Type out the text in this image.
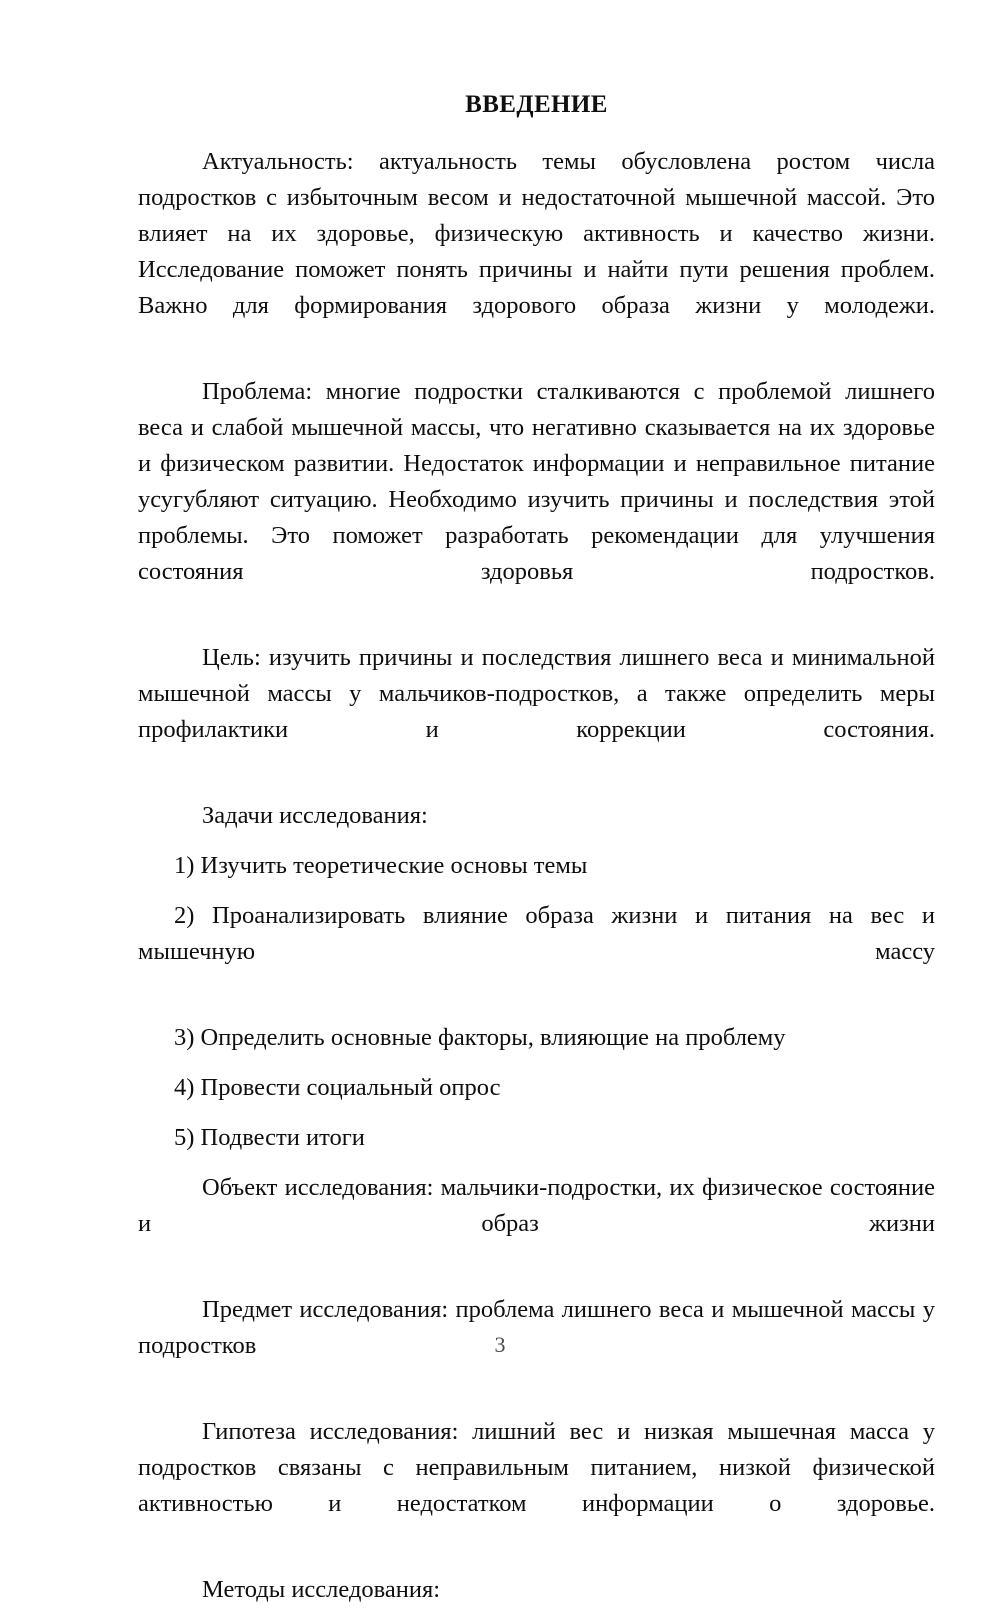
ВВЕДЕНИЕ

Актуальность: актуальность темы обусловлена ростом числа подростков с избыточным весом и недостаточной мышечной массой. Это влияет на их здоровье, физическую активность и качество жизни. Исследование поможет понять причины и найти пути решения проблем. Важно для формирования здорового образа жизни у молодежи.

Проблема: многие подростки сталкиваются с проблемой лишнего веса и слабой мышечной массы, что негативно сказывается на их здоровье и физическом развитии. Недостаток информации и неправильное питание усугубляют ситуацию. Необходимо изучить причины и последствия этой проблемы. Это поможет разработать рекомендации для улучшения состояния здоровья подростков.

Цель: изучить причины и последствия лишнего веса и минимальной мышечной массы у мальчиков-подростков, а также определить меры профилактики и коррекции состояния.

Задачи исследования:

1) Изучить теоретические основы темы

2) Проанализировать влияние образа жизни и питания на вес и мышечную массу

3) Определить основные факторы, влияющие на проблему

4) Провести социальный опрос

5) Подвести итоги

Объект исследования: мальчики-подростки, их физическое состояние и образ жизни

Предмет исследования: проблема лишнего веса и мышечной массы у подростков

Гипотеза исследования: лишний вес и низкая мышечная масса у подростков связаны с неправильным питанием, низкой физической активностью и недостатком информации о здоровье.

Методы исследования:

3
